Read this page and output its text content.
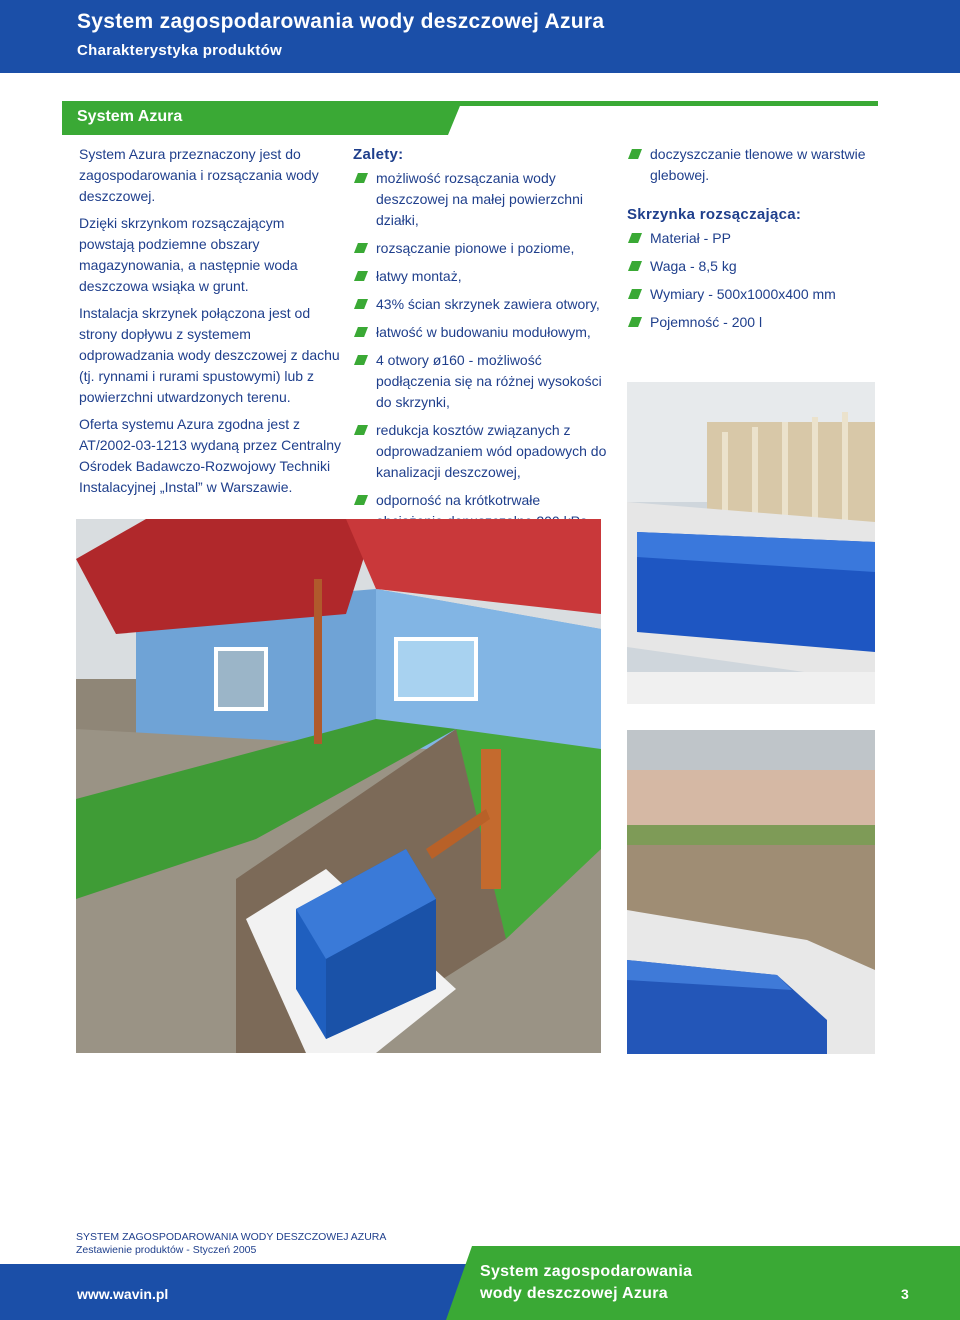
System zagospodarowania wody deszczowej Azura
Charakterystyka produktów
System Azura

System Azura przeznaczony jest do zagospodarowania i rozsączania wody deszczowej.

Dzięki skrzynkom rozsączającym powstają podziemne obszary magazynowania, a następnie woda deszczowa wsiąka w grunt.

Instalacja skrzynek połączona jest od strony dopływu z systemem odprowadzania wody deszczowej z dachu (tj. rynnami i rurami spustowymi) lub z powierzchni utwardzonych terenu.

Oferta systemu Azura zgodna jest z AT/2002-03-1213 wydaną przez Centralny Ośrodek Badawczo-Rozwojowy Techniki Instalacyjnej „Instal” w Warszawie.

Zalety:
możliwość rozsączania wody deszczowej na małej powierzchni działki,
rozsączanie pionowe i poziome,
łatwy montaż,
43% ścian skrzynek zawiera otwory,
łatwość w budowaniu modułowym,
4 otwory ø160 - możliwość podłączenia się na różnej wysokości do skrzynki,
redukcja kosztów związanych z odprowadzaniem wód opadowych do kanalizacji deszczowej,
odporność na krótkotrwałe
doczyszczanie tlenowe w warstwie glebowej.
Skrzynka rozsączająca:
Materiał - PP
Waga - 8,5 kg
Wymiary - 500x1000x400 mm
Pojemność - 200 l
SYSTEM ZAGOSPODAROWANIA WODY DESZCZOWEJ AZURA
Zestawienie produktów - Styczeń 2005
www.wavin.pl
System zagospodarowania
wody deszczowej Azura	3
